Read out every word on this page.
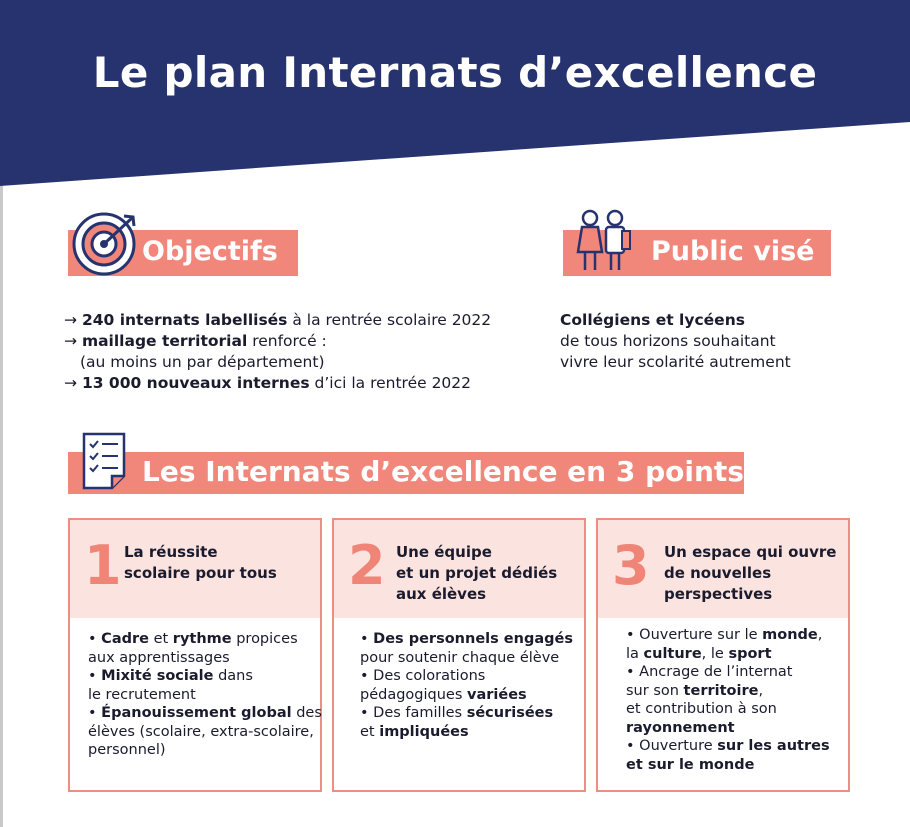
Le plan Internats d’excellence
Objectifs
→ 240 internats labellisés à la rentrée scolaire 2022
→ maillage territorial renforcé :
(au moins un par département)
→ 13 000 nouveaux internes d’ici la rentrée 2022
Public visé
Collégiens et lycéens
de tous horizons souhaitant
vivre leur scolarité autrement
Les Internats d’excellence en 3 points
1 La réussite
scolaire pour tous
• Cadre et rythme propices
aux apprentissages
• Mixité sociale dans
le recrutement
• Épanouissement global des
élèves (scolaire, extra-scolaire,
personnel)
2 Une équipe
et un projet dédiés
aux élèves
• Des personnels engagés
pour soutenir chaque élève
• Des colorations
pédagogiques variées
• Des familles sécurisées
et impliquées
3 Un espace qui ouvre
de nouvelles
perspectives
• Ouverture sur le monde,
la culture, le sport
• Ancrage de l’internat
sur son territoire,
et contribution à son
rayonnement
• Ouverture sur les autres
et sur le monde
